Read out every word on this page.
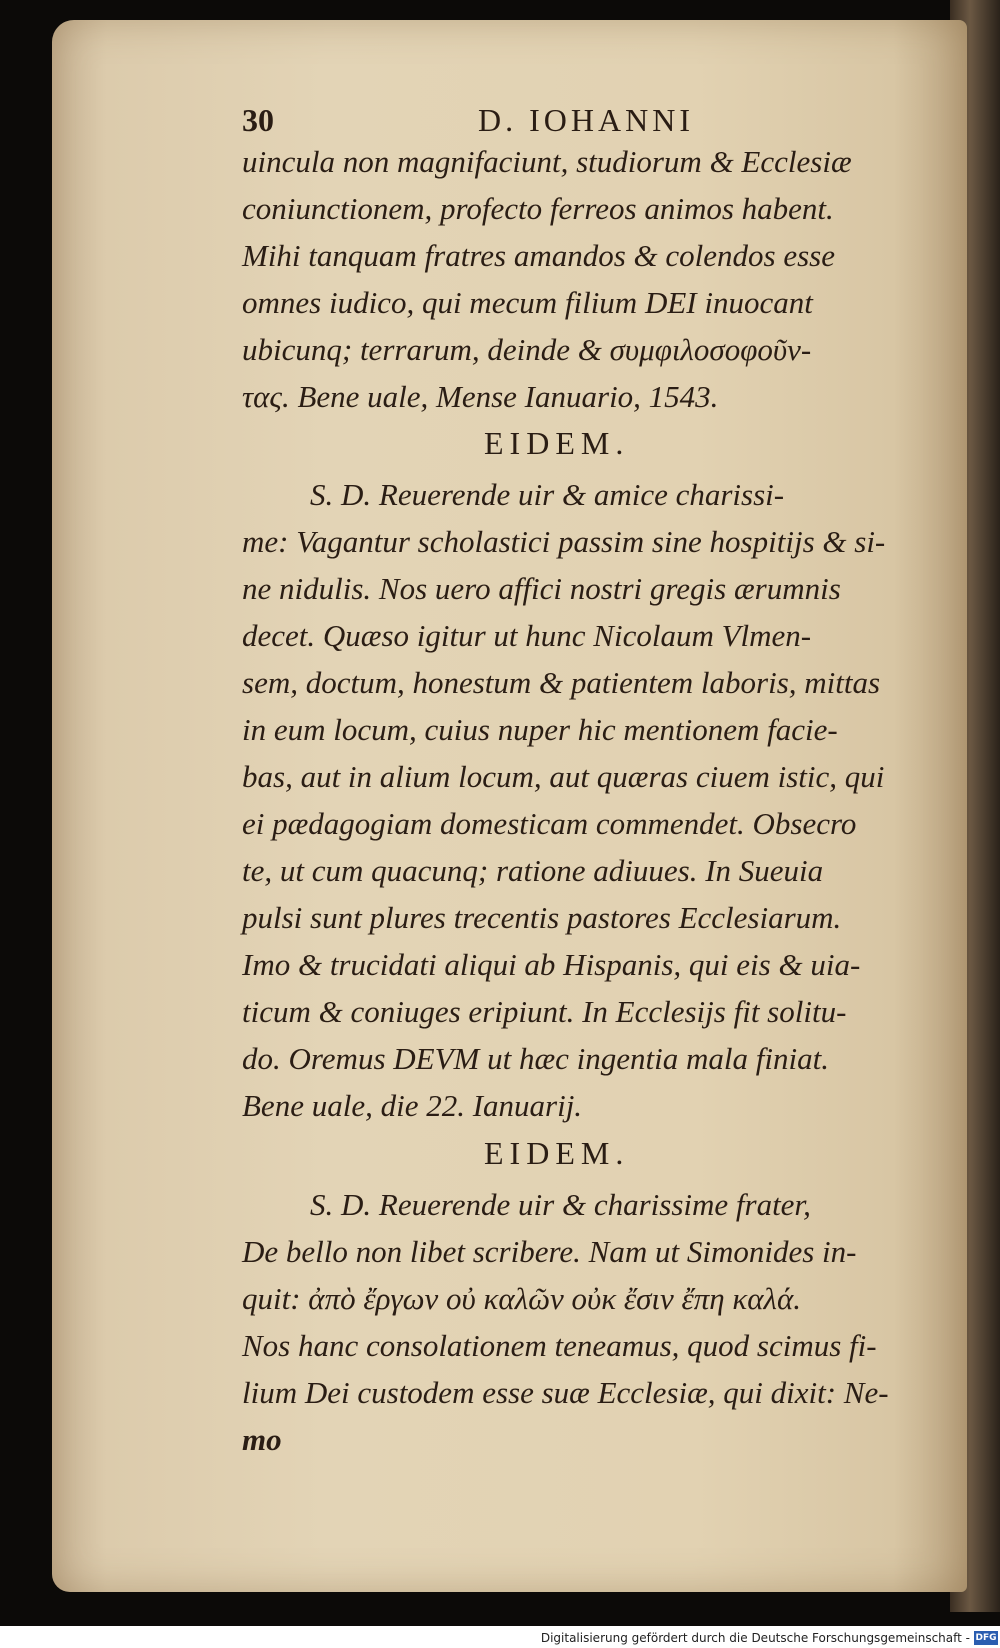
30	D. IOHANNI
uincula non magnifaciunt, studiorum & Ecclesiæ
coniunctionem, profecto ferreos animos habent.
Mihi tanquam fratres amandos & colendos esse
omnes iudico, qui mecum filium DEI inuocant
ubicunq; terrarum, deinde & συμφιλοσοφοῦν-
τας. Bene uale, Mense Ianuario, 1543.
EIDEM.
S. D. Reuerende uir & amice charissi-
me: Vagantur scholastici passim sine hospitijs & si-
ne nidulis. Nos uero affici nostri gregis ærumnis
decet. Quæso igitur ut hunc Nicolaum Vlmen-
sem, doctum, honestum & patientem laboris, mittas
in eum locum, cuius nuper hic mentionem facie-
bas, aut in alium locum, aut quæras ciuem istic, qui
ei pædagogiam domesticam commendet. Obsecro
te, ut cum quacunq; ratione adiuues. In Sueuia
pulsi sunt plures trecentis pastores Ecclesiarum.
Imo & trucidati aliqui ab Hispanis, qui eis & uia-
ticum & coniuges eripiunt. In Ecclesijs fit solitu-
do. Oremus DEVM ut hæc ingentia mala finiat.
Bene uale, die 22. Ianuarij.
EIDEM.
S. D. Reuerende uir & charissime frater,
De bello non libet scribere. Nam ut Simonides in-
quit: ἀπὸ ἔργων οὐ καλῶν οὐκ ἔσιν ἔπη καλά.
Nos hanc consolationem teneamus, quod scimus fi-
lium Dei custodem esse suæ Ecclesiæ, qui dixit: Ne-
mo
Digitalisierung gefördert durch die Deutsche Forschungsgemeinschaft - DFG
